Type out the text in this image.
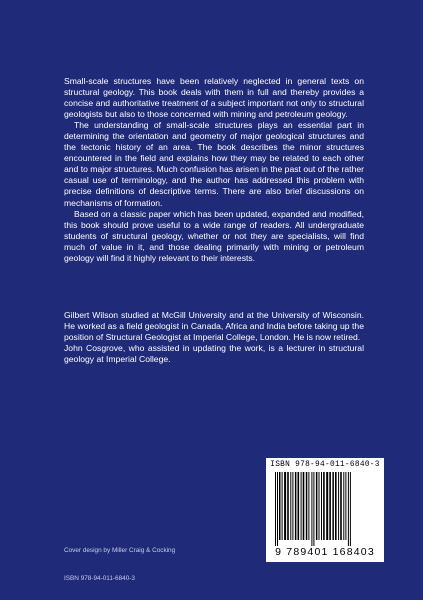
Small-scale structures have been relatively neglected in general texts on structural geology. This book deals with them in full and thereby provides a concise and authoritative treatment of a subject important not only to structural geologists but also to those concerned with mining and petroleum geology.

The understanding of small-scale structures plays an essential part in determining the orientation and geometry of major geological structures and the tectonic history of an area. The book describes the minor structures encountered in the field and explains how they may be related to each other and to major structures. Much confusion has arisen in the past out of the rather casual use of terminology, and the author has addressed this problem with precise definitions of descriptive terms. There are also brief discussions on mechanisms of formation.

Based on a classic paper which has been updated, expanded and modified, this book should prove useful to a wide range of readers. All undergraduate students of structural geology, whether or not they are specialists, will find much of value in it, and those dealing primarily with mining or petroleum geology will find it highly relevant to their interests.

Gilbert Wilson studied at McGill University and at the University of Wisconsin. He worked as a field geologist in Canada, Africa and India before taking up the position of Structural Geologist at Imperial College, London. He is now retired.

John Cosgrove, who assisted in updating the work, is a lecturer in structural geology at Imperial College.

ISBN 978-94-011-6840-3
9 789401 168403
Cover design by Miller Craig & Cocking
ISBN 978-94-011-6840-3
